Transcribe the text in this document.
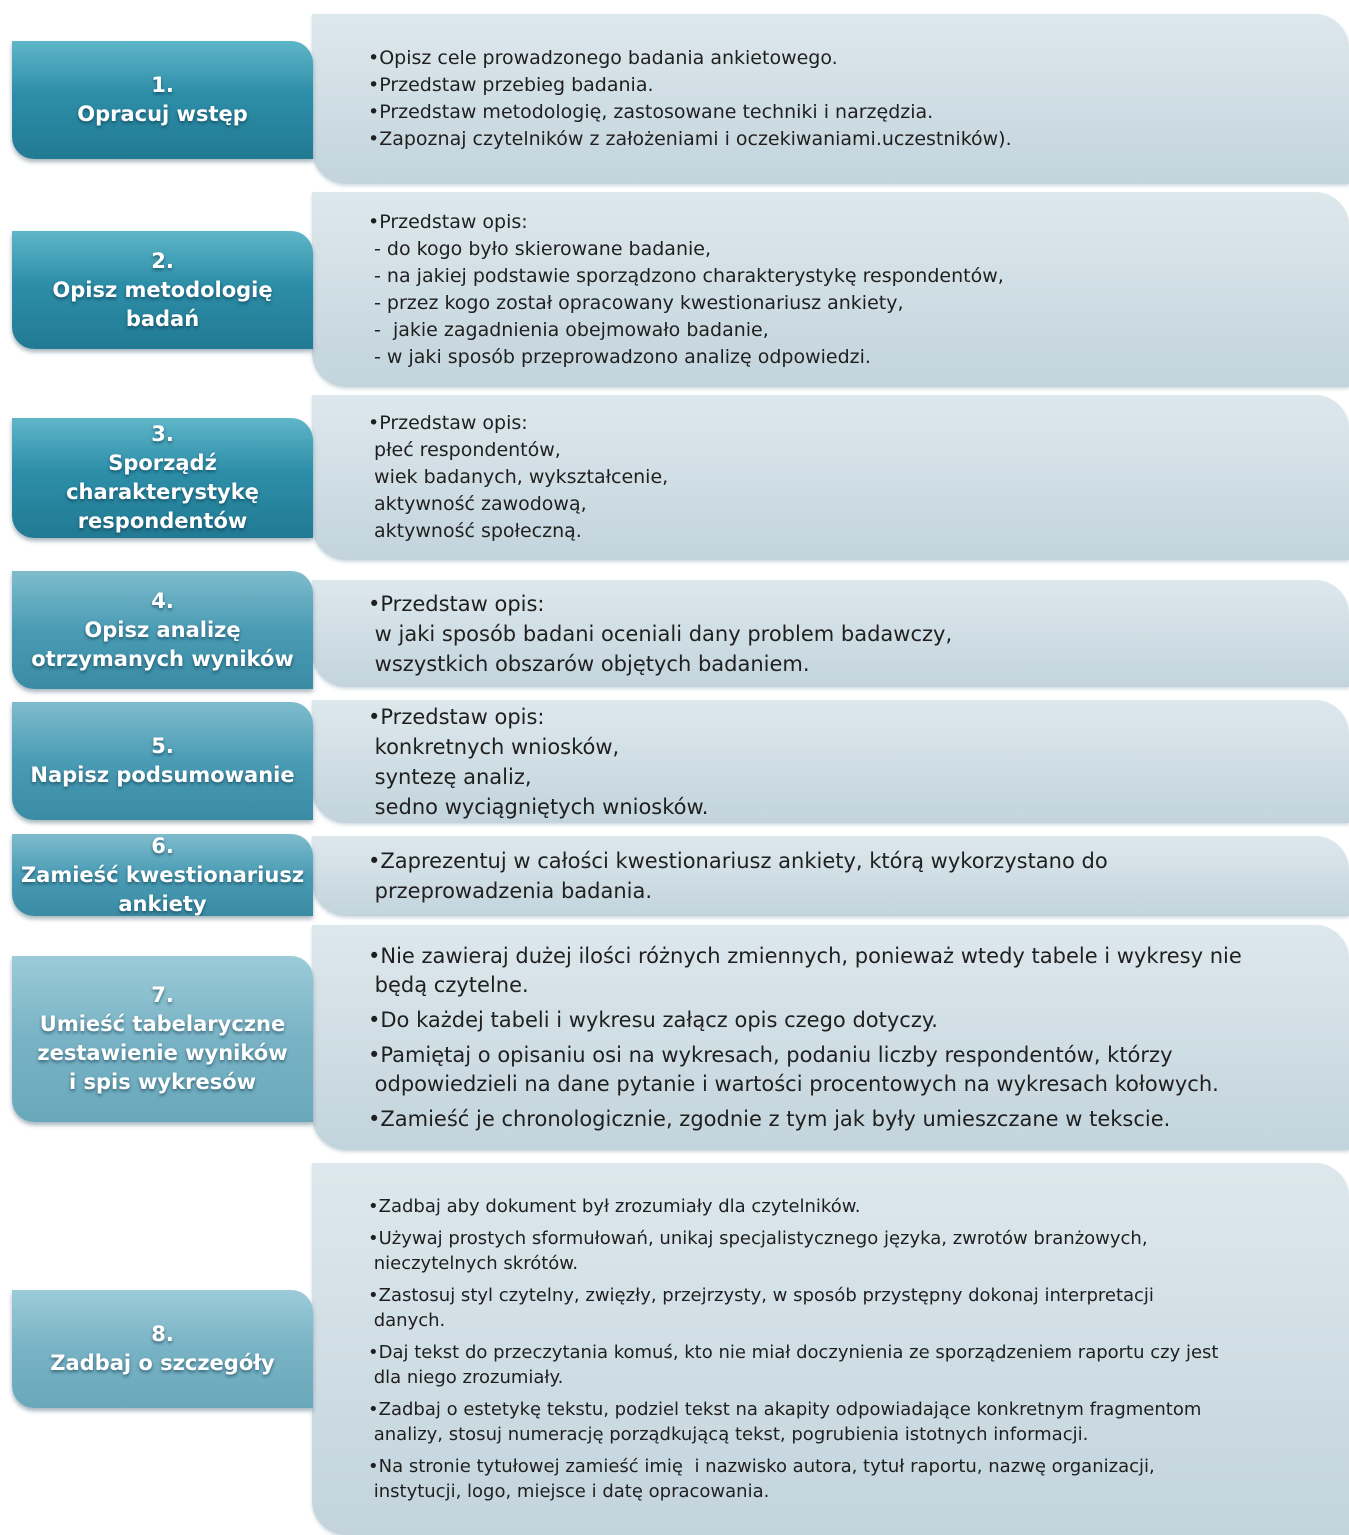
•Opisz cele prowadzonego badania ankietowego.
•Przedstaw przebieg badania.
•Przedstaw metodologię, zastosowane techniki i narzędzia.
•Zapoznaj czytelników z założeniami i oczekiwaniami.uczestników).
1.
Opracuj wstęp
•Przedstaw opis:
- do kogo było skierowane badanie,
- na jakiej podstawie sporządzono charakterystykę respondentów,
- przez kogo został opracowany kwestionariusz ankiety,
-  jakie zagadnienia obejmowało badanie,
- w jaki sposób przeprowadzono analizę odpowiedzi.
2.
Opisz metodologię
badań
•Przedstaw opis:
płeć respondentów,
wiek badanych, wykształcenie,
aktywność zawodową,
aktywność społeczną.
3.
Sporządź
charakterystykę
respondentów
•Przedstaw opis:
w jaki sposób badani oceniali dany problem badawczy,
wszystkich obszarów objętych badaniem.
4.
Opisz analizę
otrzymanych wyników
•Przedstaw opis:
konkretnych wniosków,
syntezę analiz,
sedno wyciągniętych wniosków.
5.
Napisz podsumowanie
•Zaprezentuj w całości kwestionariusz ankiety, którą wykorzystano do
przeprowadzenia badania.
6.
Zamieść kwestionariusz
ankiety
•Nie zawieraj dużej ilości różnych zmiennych, ponieważ wtedy tabele i wykresy nie
będą czytelne.
•Do każdej tabeli i wykresu załącz opis czego dotyczy.
•Pamiętaj o opisaniu osi na wykresach, podaniu liczby respondentów, którzy
odpowiedzieli na dane pytanie i wartości procentowych na wykresach kołowych.
•Zamieść je chronologicznie, zgodnie z tym jak były umieszczane w tekscie.
7.
Umieść tabelaryczne
zestawienie wyników
i spis wykresów
•Zadbaj aby dokument był zrozumiały dla czytelników.
•Używaj prostych sformułowań, unikaj specjalistycznego języka, zwrotów branżowych,
nieczytelnych skrótów.
•Zastosuj styl czytelny, zwięzły, przejrzysty, w sposób przystępny dokonaj interpretacji
danych.
•Daj tekst do przeczytania komuś, kto nie miał doczynienia ze sporządzeniem raportu czy jest
dla niego zrozumiały.
•Zadbaj o estetykę tekstu, podziel tekst na akapity odpowiadające konkretnym fragmentom
analizy, stosuj numerację porządkującą tekst, pogrubienia istotnych informacji.
•Na stronie tytułowej zamieść imię  i nazwisko autora, tytuł raportu, nazwę organizacji,
instytucji, logo, miejsce i datę opracowania.
8.
Zadbaj o szczegóły
